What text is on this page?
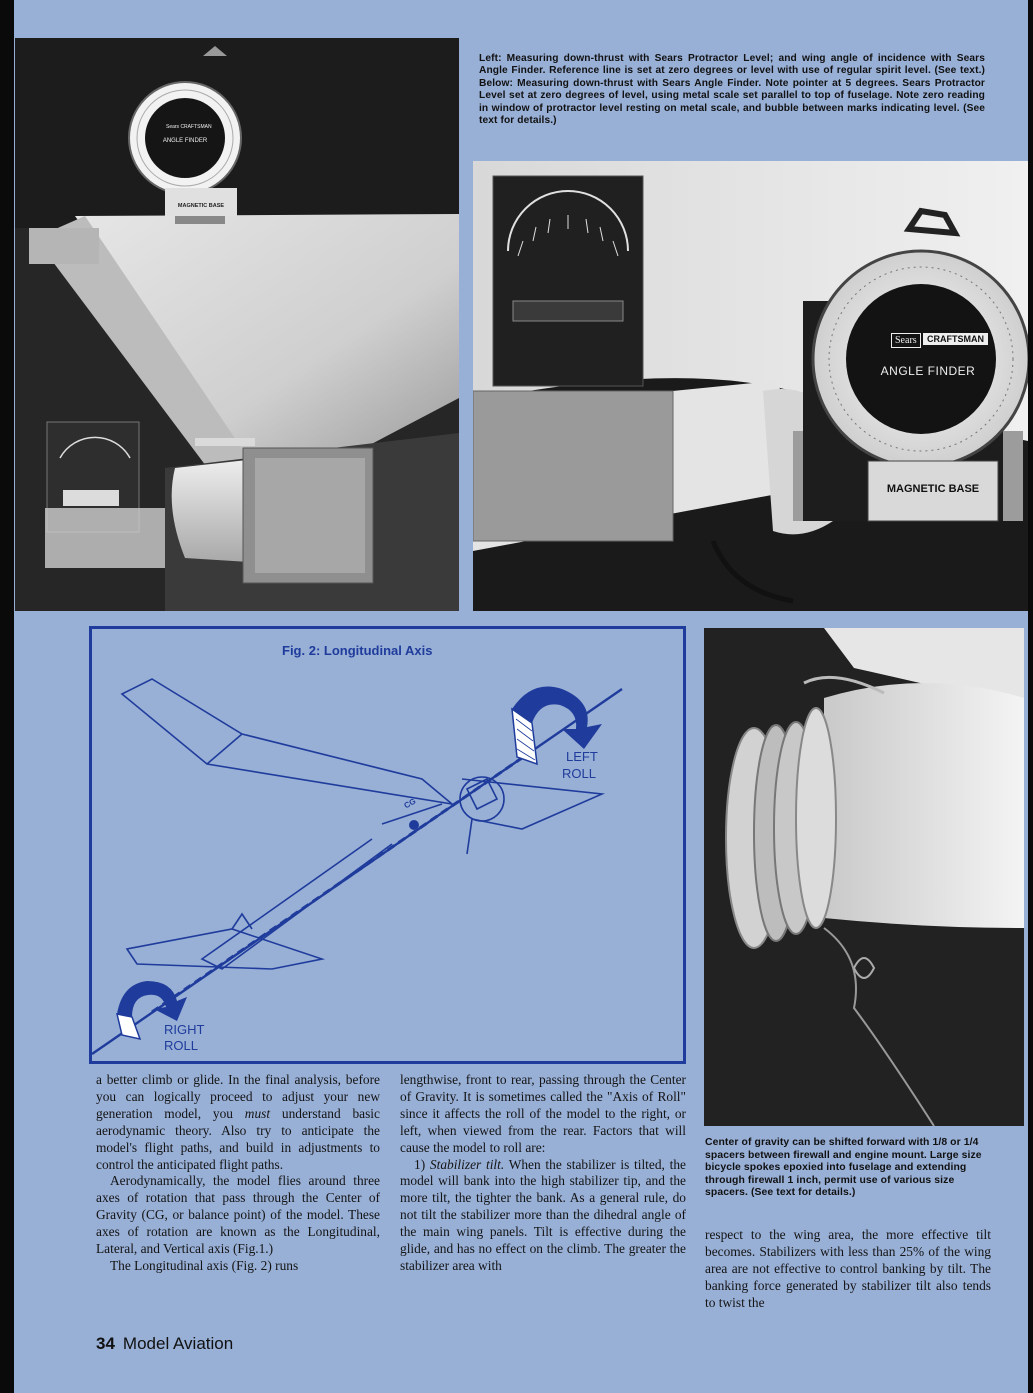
Sears CRAFTSMAN
ANGLE FINDER
MAGNETIC BASE
Left: Measuring down-thrust with Sears Protractor Level; and wing angle of incidence with Sears Angle Finder. Reference line is set at zero degrees or level with use of regular spirit level. (See text.) Below: Measuring down-thrust with Sears Angle Finder. Note pointer at 5 degrees. Sears Protractor Level set at zero degrees of level, using metal scale set parallel to top of fuselage. Note zero reading in window of protractor level resting on metal scale, and bubble between marks indicating level. (See text for details.)
Sears	CRAFTSMAN
ANGLE FINDER
MAGNETIC BASE
Fig. 2: Longitudinal Axis
CG
LEFT
ROLL
RIGHT
ROLL
Center of gravity can be shifted forward with 1/8 or 1/4 spacers between firewall and engine mount. Large size bicycle spokes epoxied into fuselage and extending through firewall 1 inch, permit use of various size spacers. (See text for details.)

a better climb or glide. In the final analysis, before you can logically proceed to adjust your new generation model, you must understand basic aerodynamic theory. Also try to anticipate the model's flight paths, and build in adjustments to control the anticipated flight paths.

Aerodynamically, the model flies around three axes of rotation that pass through the Center of Gravity (CG, or balance point) of the model. These axes of rotation are known as the Longitudinal, Lateral, and Vertical axis (Fig.1.)

The Longitudinal axis (Fig. 2) runs

lengthwise, front to rear, passing through the Center of Gravity. It is sometimes called the "Axis of Roll" since it affects the roll of the model to the right, or left, when viewed from the rear. Factors that will cause the model to roll are:

1) Stabilizer tilt. When the stabilizer is tilted, the model will bank into the high stabilizer tip, and the more tilt, the tighter the bank. As a general rule, do not tilt the stabilizer more than the dihedral angle of the main wing panels. Tilt is effective during the glide, and has no effect on the climb. The greater the stabilizer area with

respect to the wing area, the more effective tilt becomes. Stabilizers with less than 25% of the wing area are not effective to control banking by tilt. The banking force generated by stabilizer tilt also tends to twist the

34 Model Aviation
